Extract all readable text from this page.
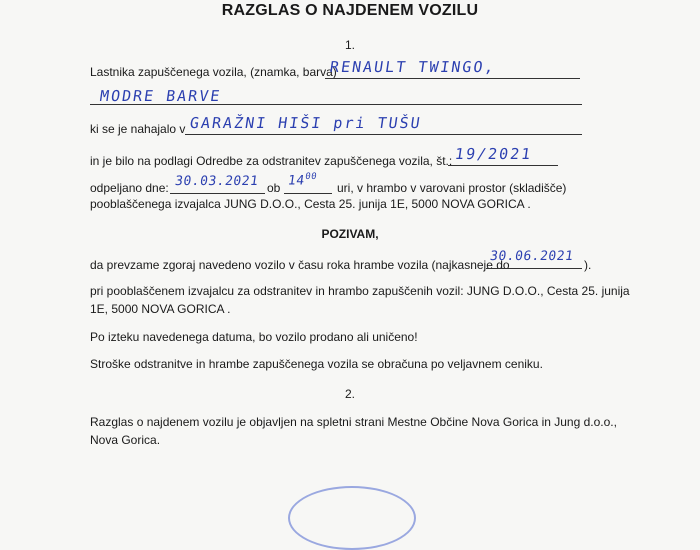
RAZGLAS O NAJDENEM VOZILU
1.
Lastnika zapuščenega vozila, (znamka, barva)
RENAULT TWINGO,
MODRE BARVE
ki se je nahajalo v GARAŽNI HIŠI pri TUŠU
in je bilo na podlagi Odredbe za odstranitev zapuščenega vozila, št.: 19/2021
odpeljano dne: 30.03.2021 ob $14^{00}$
uri, v hrambo v varovani prostor (skladišče)
pooblaščenega izvajalca JUNG D.O.O., Cesta 25. junija 1E, 5000 NOVA GORICA .
POZIVAM,
da prevzame zgoraj navedeno vozilo v času roka hrambe vozila (najkasneje do
30.06.2021
).
pri pooblaščenem izvajalcu za odstranitev in hrambo zapuščenih vozil: JUNG D.O.O., Cesta 25. junija
1E, 5000 NOVA GORICA .
Po izteku navedenega datuma, bo vozilo prodano ali uničeno!
Stroške odstranitve in hrambe zapuščenega vozila se obračuna po veljavnem ceniku.
2.
Razglas o najdenem vozilu je objavljen na spletni strani Mestne Občine Nova Gorica in Jung d.o.o.,
Nova Gorica.
